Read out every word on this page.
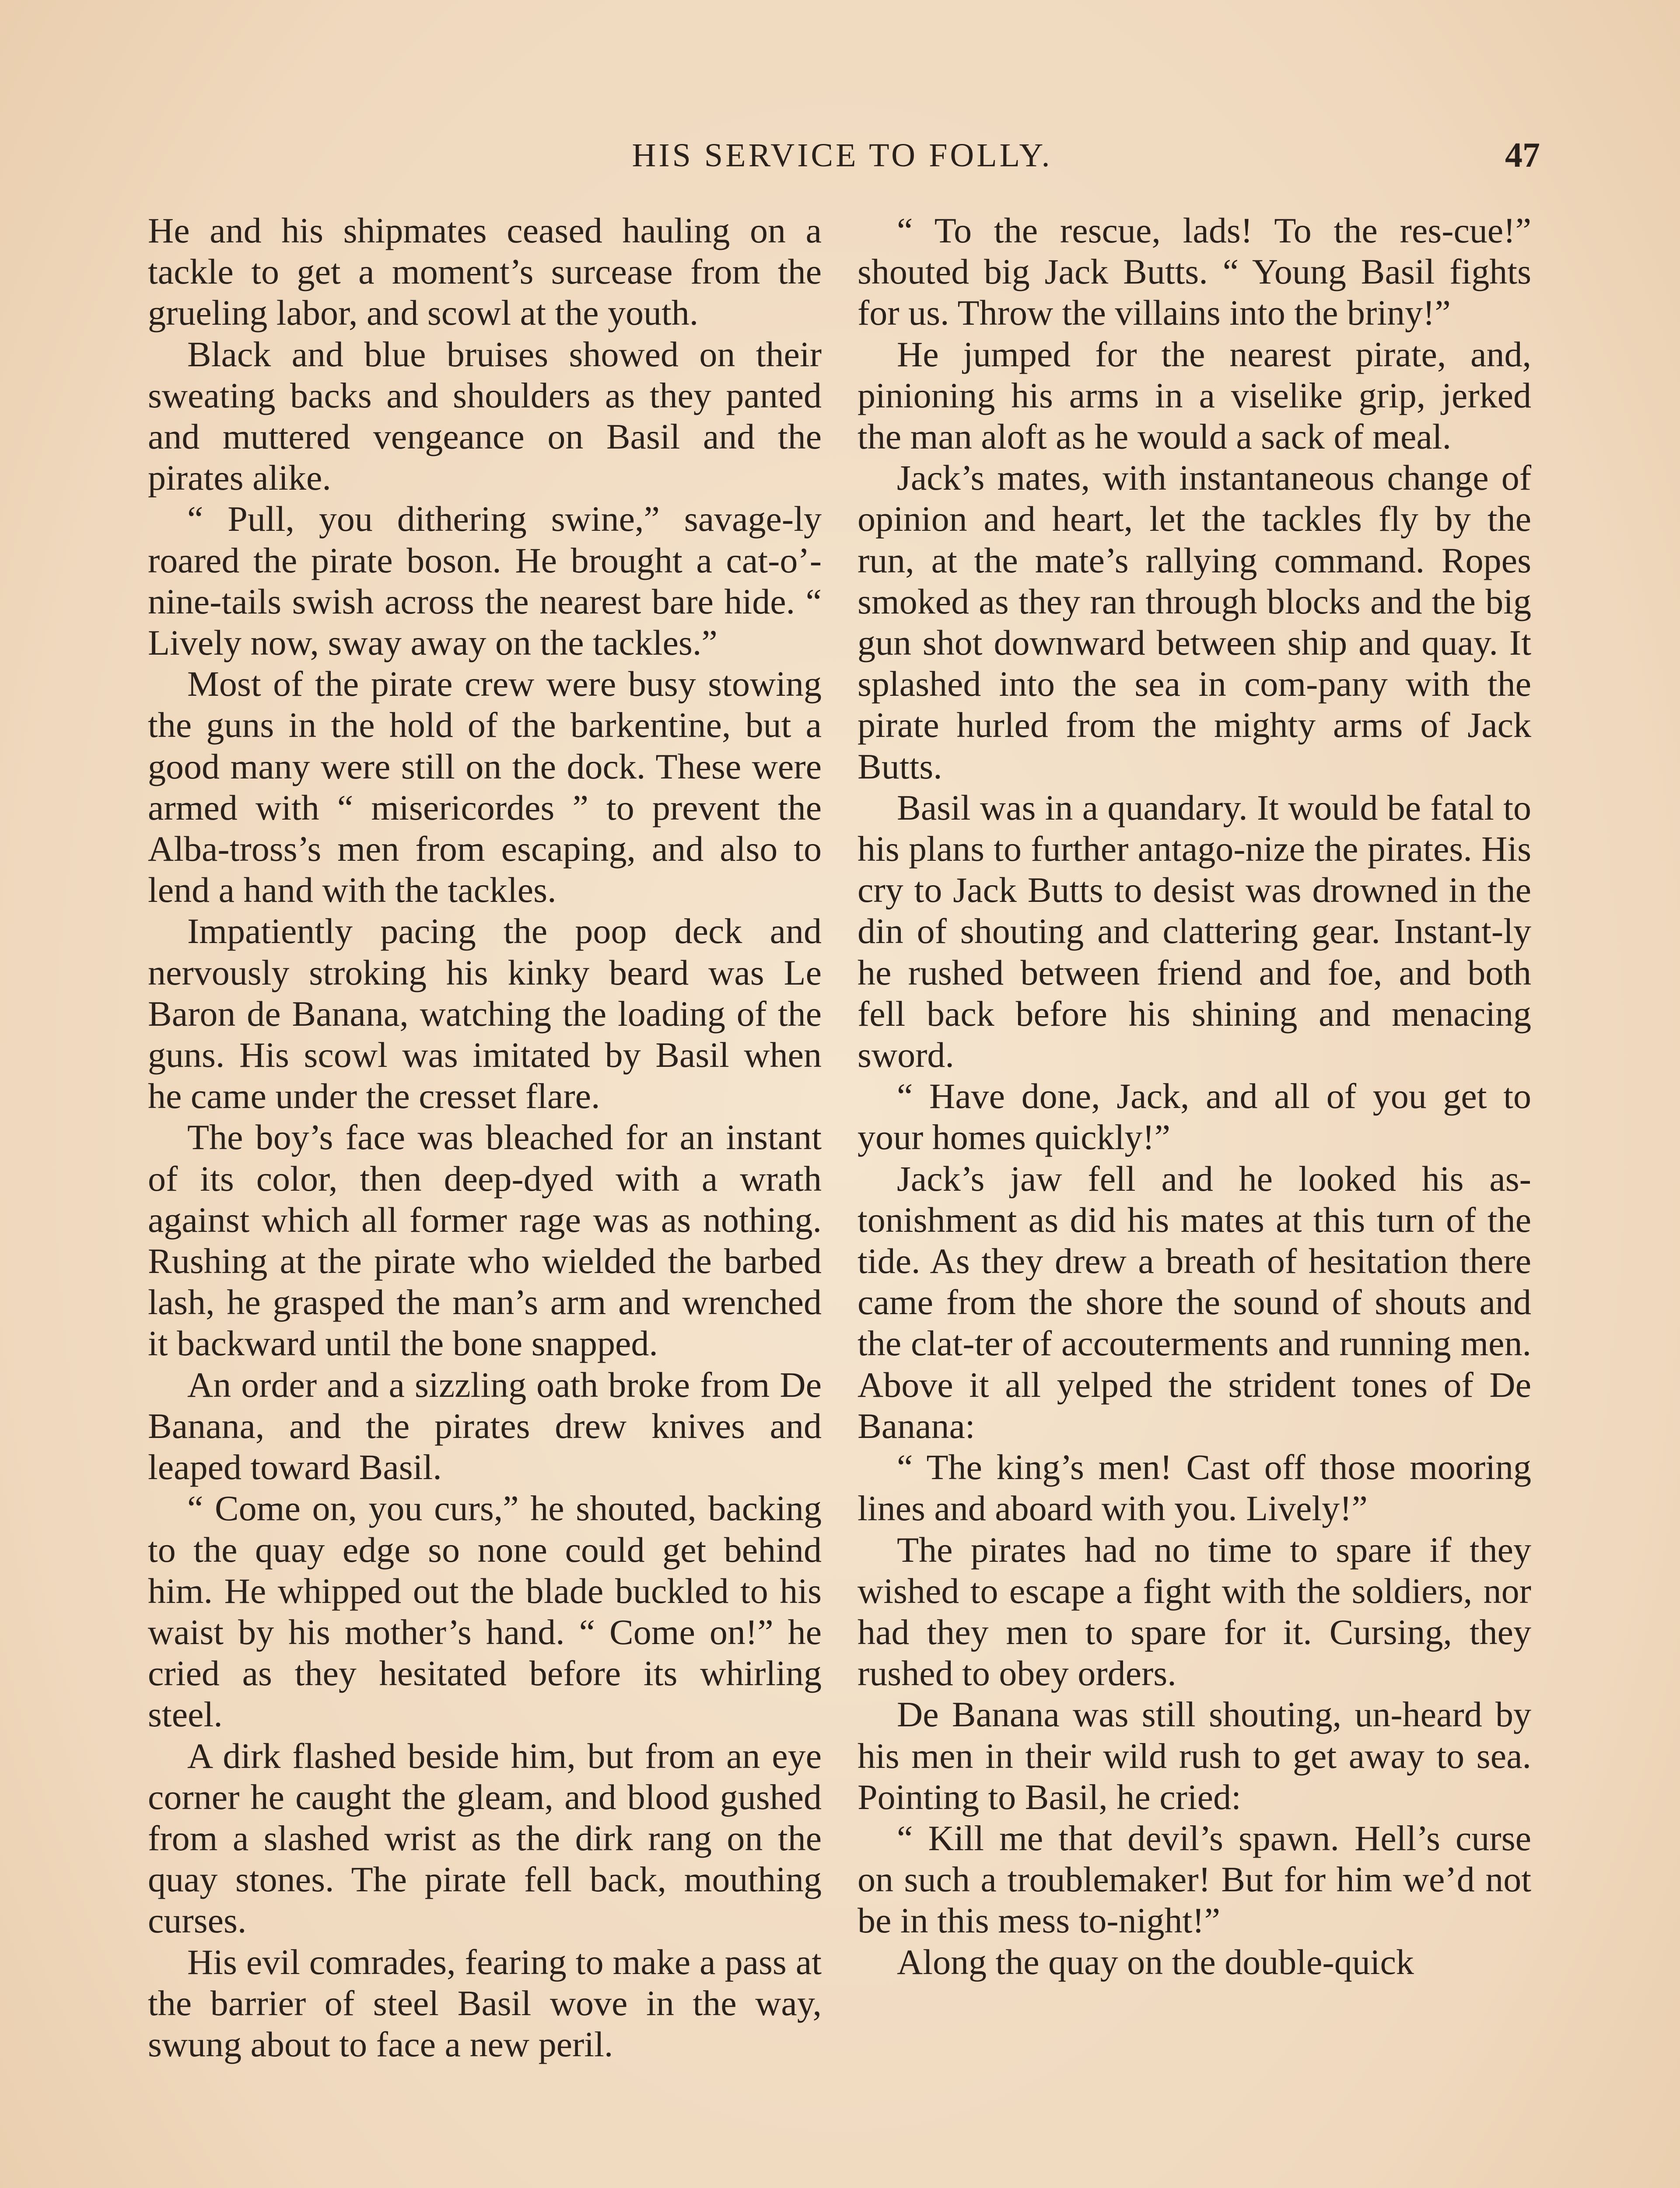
HIS SERVICE TO FOLLY.	47

He and his shipmates ceased hauling on a tackle to get a moment’s surcease from the grueling labor, and scowl at the youth.

Black and blue bruises showed on their sweating backs and shoulders as they panted and muttered vengeance on Basil and the pirates alike.

“ Pull, you dithering swine,” savage-ly roared the pirate boson. He brought a cat-o’-nine-tails swish across the nearest bare hide. “ Lively now, sway away on the tackles.”

Most of the pirate crew were busy stowing the guns in the hold of the barkentine, but a good many were still on the dock. These were armed with “ misericordes ” to prevent the Alba-tross’s men from escaping, and also to lend a hand with the tackles.

Impatiently pacing the poop deck and nervously stroking his kinky beard was Le Baron de Banana, watching the loading of the guns. His scowl was imitated by Basil when he came under the cresset flare.

The boy’s face was bleached for an instant of its color, then deep-dyed with a wrath against which all former rage was as nothing. Rushing at the pirate who wielded the barbed lash, he grasped the man’s arm and wrenched it backward until the bone snapped.

An order and a sizzling oath broke from De Banana, and the pirates drew knives and leaped toward Basil.

“ Come on, you curs,” he shouted, backing to the quay edge so none could get behind him. He whipped out the blade buckled to his waist by his mother’s hand. “ Come on!” he cried as they hesitated before its whirling steel.

A dirk flashed beside him, but from an eye corner he caught the gleam, and blood gushed from a slashed wrist as the dirk rang on the quay stones. The pirate fell back, mouthing curses.

His evil comrades, fearing to make a pass at the barrier of steel Basil wove in the way, swung about to face a new peril.

“ To the rescue, lads! To the res-cue!” shouted big Jack Butts. “ Young Basil fights for us. Throw the villains into the briny!”

He jumped for the nearest pirate, and, pinioning his arms in a viselike grip, jerked the man aloft as he would a sack of meal.

Jack’s mates, with instantaneous change of opinion and heart, let the tackles fly by the run, at the mate’s rallying command. Ropes smoked as they ran through blocks and the big gun shot downward between ship and quay. It splashed into the sea in com-pany with the pirate hurled from the mighty arms of Jack Butts.

Basil was in a quandary. It would be fatal to his plans to further antago-nize the pirates. His cry to Jack Butts to desist was drowned in the din of shouting and clattering gear. Instant-ly he rushed between friend and foe, and both fell back before his shining and menacing sword.

“ Have done, Jack, and all of you get to your homes quickly!”

Jack’s jaw fell and he looked his as-tonishment as did his mates at this turn of the tide. As they drew a breath of hesitation there came from the shore the sound of shouts and the clat-ter of accouterments and running men. Above it all yelped the strident tones of De Banana:

“ The king’s men! Cast off those mooring lines and aboard with you. Lively!”

The pirates had no time to spare if they wished to escape a fight with the soldiers, nor had they men to spare for it. Cursing, they rushed to obey orders.

De Banana was still shouting, un-heard by his men in their wild rush to get away to sea. Pointing to Basil, he cried:

“ Kill me that devil’s spawn. Hell’s curse on such a troublemaker! But for him we’d not be in this mess to-night!”

Along the quay on the double-quick
